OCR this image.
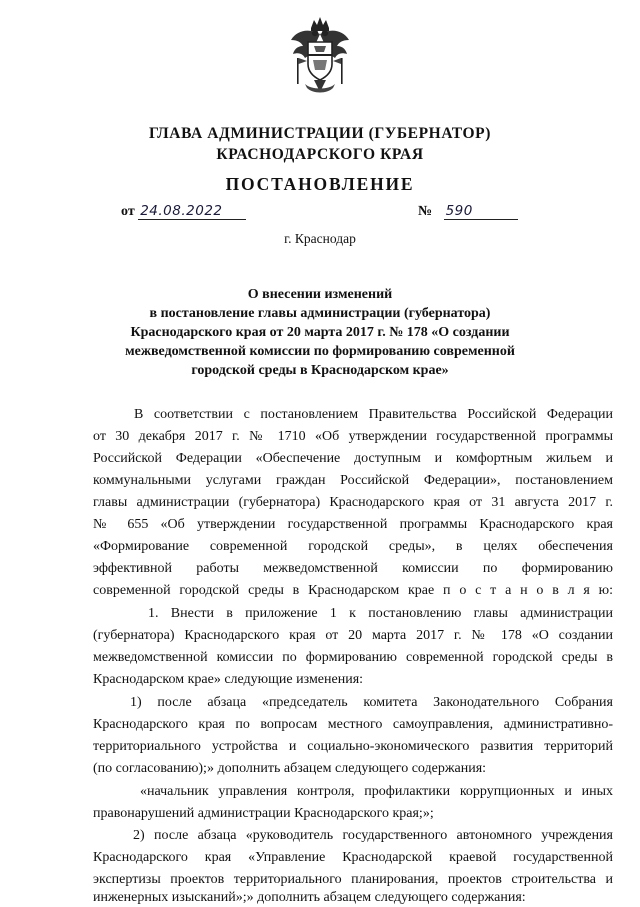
ГЛАВА АДМИНИСТРАЦИИ (ГУБЕРНАТОР)
КРАСНОДАРСКОГО КРАЯ
ПОСТАНОВЛЕНИЕ
от 24.08.2022	№ 590
г. Краснодар
О внесении изменений
в постановление главы администрации (губернатора)
Краснодарского края от 20 марта 2017 г. № 178 «О создании
межведомственной комиссии по формированию современной
городской среды в Краснодарском крае»
В соответствии с постановлением Правительства Российской Федерации
от 30 декабря 2017 г. № 1710 «Об утверждении государственной программы
Российской Федерации «Обеспечение доступным и комфортным жильем и
коммунальными услугами граждан Российской Федерации», постановлением
главы администрации (губернатора) Краснодарского края от 31 августа 2017 г.
№ 655 «Об утверждении государственной программы Краснодарского края
«Формирование современной городской среды», в целях обеспечения
эффективной работы межведомственной комиссии по формированию
современной городской среды в Краснодарском крае п о с т а н о в л я ю:
1. Внести в приложение 1 к постановлению главы администрации
(губернатора) Краснодарского края от 20 марта 2017 г. № 178 «О создании
межведомственной комиссии по формированию современной городской среды в
Краснодарском крае» следующие изменения:
1) после абзаца «председатель комитета Законодательного Собрания
Краснодарского края по вопросам местного самоуправления, административно-
территориального устройства и социально-экономического развития территорий
(по согласованию);» дополнить абзацем следующего содержания:
«начальник управления контроля, профилактики коррупционных и иных
правонарушений администрации Краснодарского края;»;
2) после абзаца «руководитель государственного автономного учреждения
Краснодарского края «Управление Краснодарской краевой государственной
экспертизы проектов территориального планирования, проектов строительства и
инженерных изысканий»;» дополнить абзацем следующего содержания:
